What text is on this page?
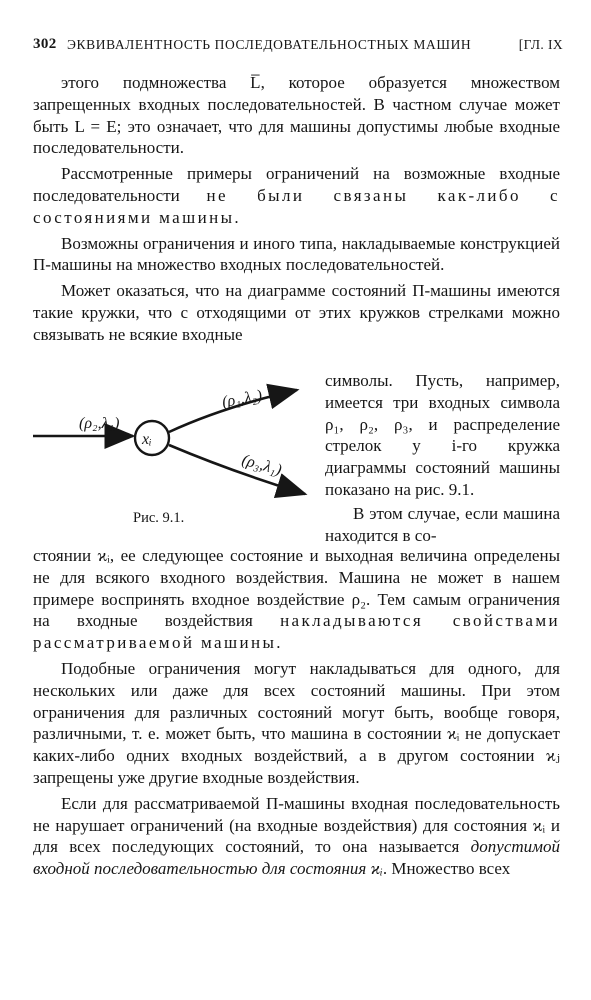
302 ЭКВИВАЛЕНТНОСТЬ ПОСЛЕДОВАТЕЛЬНОСТНЫХ МАШИН	[ГЛ. IX

этого подмножества L̅, которое образуется множеством запрещенных входных последовательностей. В частном случае может быть L = E; это означает, что для машины допустимы любые входные последовательности.

Рассмотренные примеры ограничений на возможные входные последовательности не были связаны как-либо с состояниями машины.

Возможны ограничения и иного типа, накладываемые конструкцией П-машины на множество входных последовательностей.

Может оказаться, что на диаграмме состояний П-машины имеются такие кружки, что с отходящими от этих кружков стрелками можно связывать не всякие входные

(ρ₂,λ₁)
xᵢ
(ρ₁,λ₂)
(ρ₃,λ₁)
Рис. 9.1.

символы. Пусть, например, имеется три входных символа ρ₁, ρ₂, ρ₃, и распределение стрелок у i-го кружка диаграммы состояний машины показано на рис. 9.1.

В этом случае, если машина находится в со-

стоянии ϰᵢ, ее следующее состояние и выходная величина определены не для всякого входного воздействия. Машина не может в нашем примере воспринять входное воздействие ρ₂. Тем самым ограничения на входные воздействия накладываются свойствами рассматриваемой машины.

Подобные ограничения могут накладываться для одного, для нескольких или даже для всех состояний машины. При этом ограничения для различных состояний могут быть, вообще говоря, различными, т. е. может быть, что машина в состоянии ϰᵢ не допускает каких-либо одних входных воздействий, а в другом состоянии ϰⱼ запрещены уже другие входные воздействия.

Если для рассматриваемой П-машины входная последовательность не нарушает ограничений (на входные воздействия) для состояния ϰᵢ и для всех последующих состояний, то она называется допустимой входной последовательностью для состояния ϰᵢ. Множество всех
